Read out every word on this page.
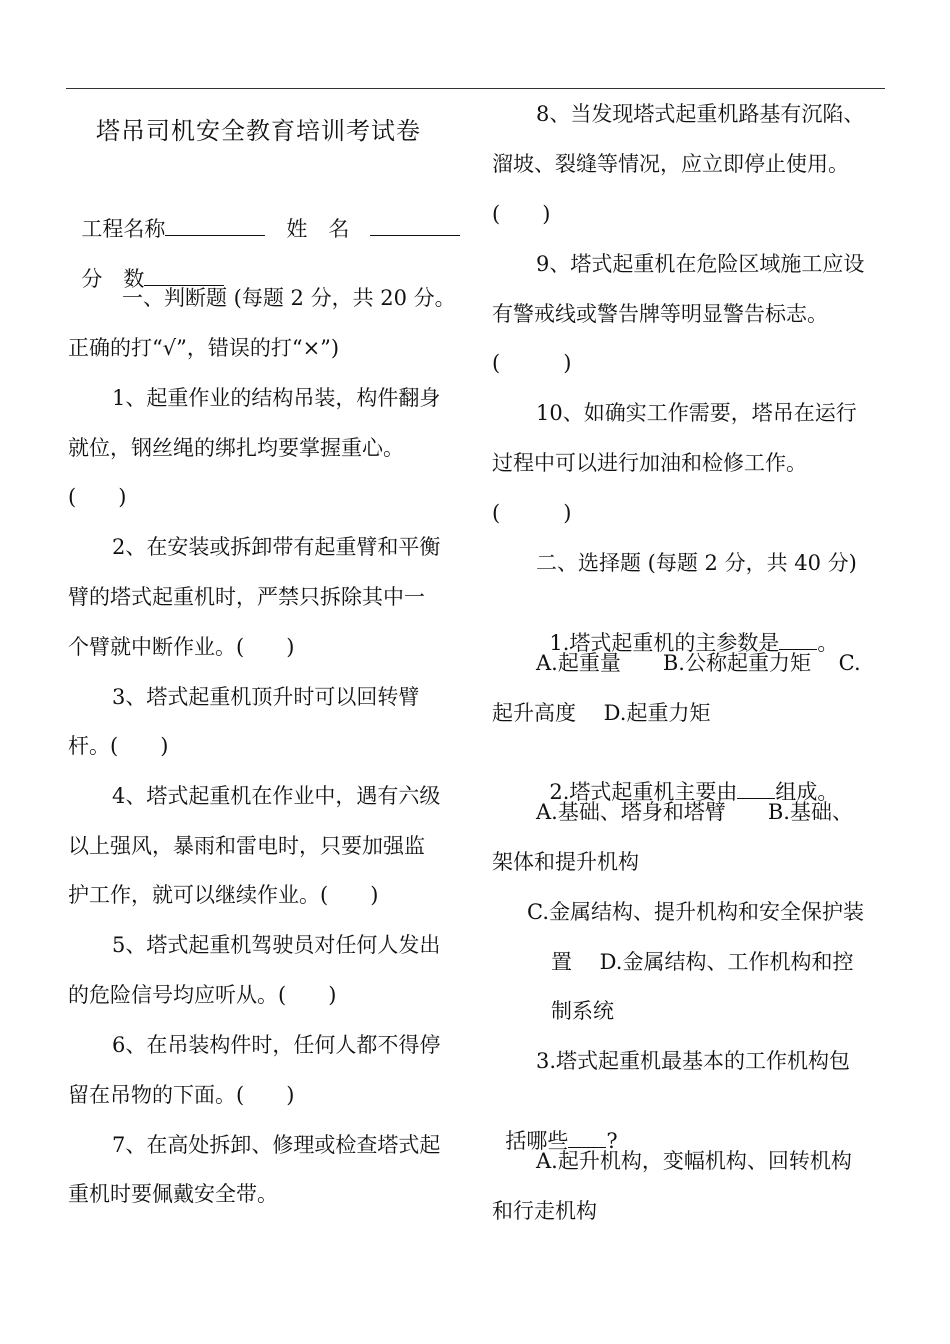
塔吊司机安全教育培训考试卷

工程名称　	姓　名　

分　数

一、判断题 (每题 2 分，共 20 分。
正确的打“√”，错误的打“×”)
1、起重作业的结构吊装，构件翻身
就位，钢丝绳的绑扎均要掌握重心。
(　　)
2、在安装或拆卸带有起重臂和平衡
臂的塔式起重机时，严禁只拆除其中一
个臂就中断作业。(　　)
3、塔式起重机顶升时可以回转臂
杆。(　　)
4、塔式起重机在作业中，遇有六级
以上强风，暴雨和雷电时，只要加强监
护工作，就可以继续作业。(　　)
5、塔式起重机驾驶员对任何人发出
的危险信号均应听从。(　　)
6、在吊装构件时，任何人都不得停
留在吊物的下面。(　　)
7、在高处拆卸、修理或检查塔式起
重机时要佩戴安全带。
8、当发现塔式起重机路基有沉陷、
溜坡、裂缝等情况，应立即停止使用。
(　　)
9、塔式起重机在危险区域施工应设
有警戒线或警告牌等明显警告标志。
(　　　)
10、如确实工作需要，塔吊在运行
过程中可以进行加油和检修工作。
(　　　)
二、选择题 (每题 2 分，共 40 分)

1.塔式起重机的主参数是 。

A.起重量　　B.公称起重力矩　 C.
起升高度　 D.起重力矩

2.塔式起重机主要由 组成。

A.基础、塔身和塔臂　　B.基础、
架体和提升机构
C.金属结构、提升机构和安全保护装
置　 D.金属结构、工作机构和控
制系统
3.塔式起重机最基本的工作机构包

括哪些 ?

A.起升机构，变幅机构、回转机构
和行走机构
